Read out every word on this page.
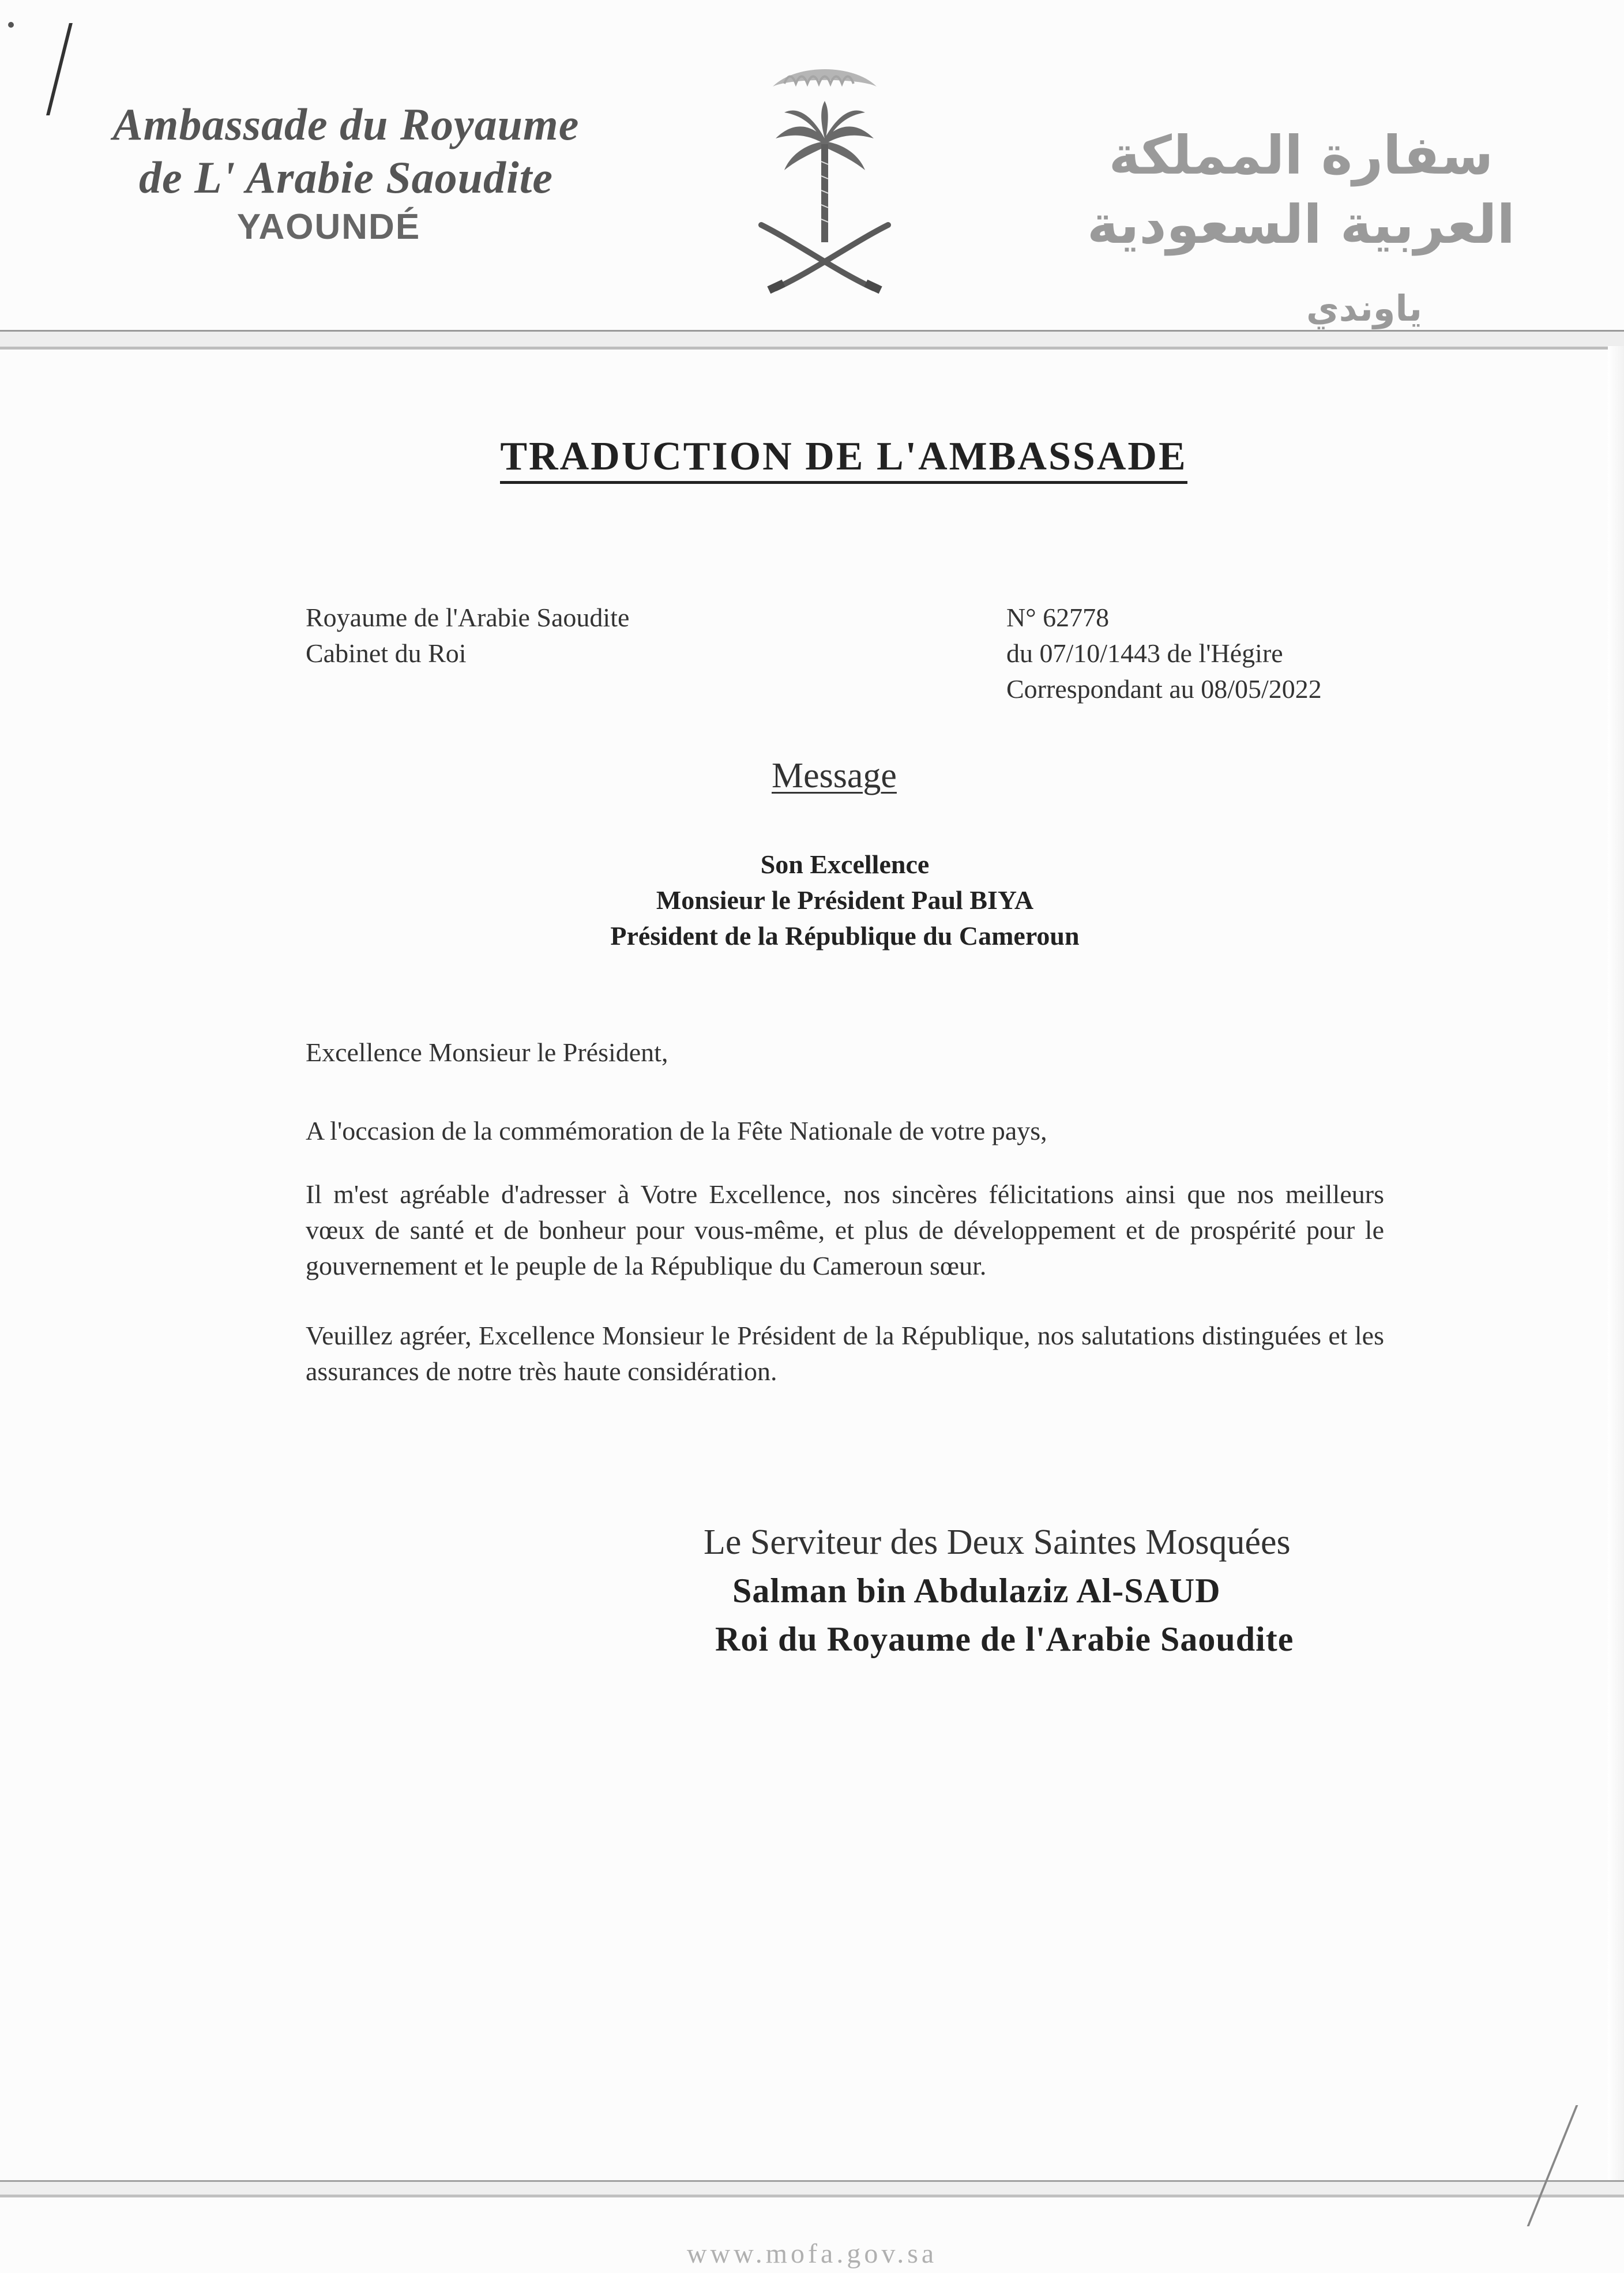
Ambassade du Royaume
de L' Arabie Saoudite
YAOUNDÉ
سفارة المملكة العربية السعودية
ياوندي
TRADUCTION DE L'AMBASSADE
Royaume de l'Arabie Saoudite
Cabinet du Roi
N° 62778
du 07/10/1443 de l'Hégire
Correspondant au 08/05/2022
Message
Son Excellence
Monsieur le Président Paul BIYA
Président de la République du Cameroun
Excellence Monsieur le Président,
A l'occasion de la commémoration de la Fête Nationale de votre pays,
Il m'est agréable d'adresser à Votre Excellence, nos sincères félicitations ainsi que nos meilleurs vœux de santé et de bonheur pour vous-même, et plus de développement et de prospérité pour le gouvernement et le peuple de la République du Cameroun sœur.
Veuillez agréer, Excellence Monsieur le Président de la République, nos salutations distinguées et les assurances de notre très haute considération.
Le Serviteur des Deux Saintes Mosquées
Salman bin Abdulaziz Al-SAUD
Roi du Royaume de l'Arabie Saoudite
www.mofa.gov.sa
